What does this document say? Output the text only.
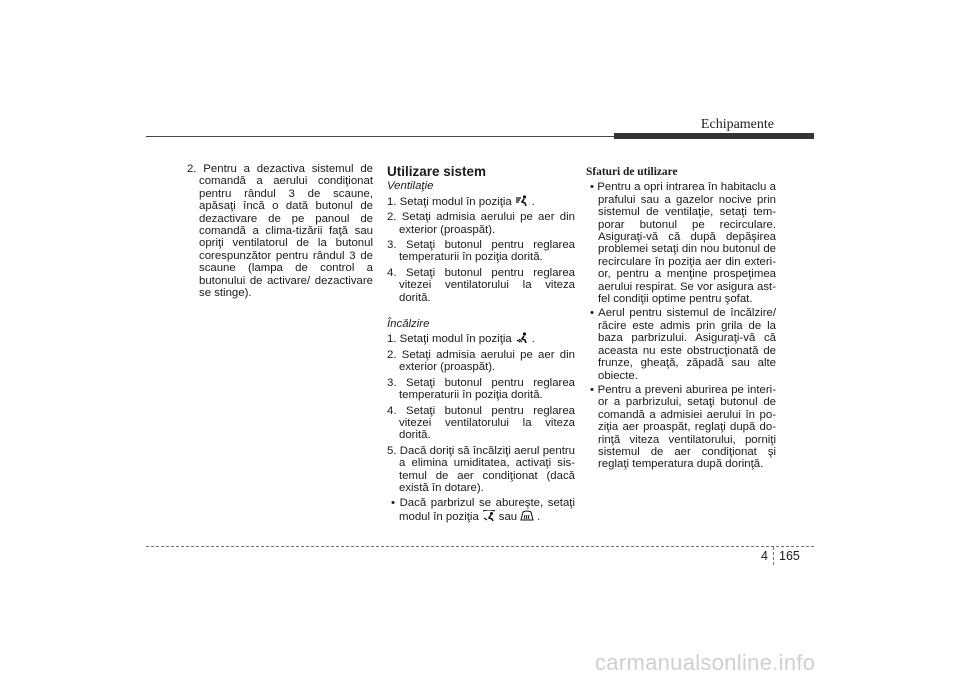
Echipamente

2. Pentru a dezactiva sistemul de comandă a aerului condiţionat pentru rândul 3 de scaune, apăsaţi încă o dată butonul de dezactivare de pe panoul de comandă a clima-tizării faţă sau opriţi ventilatorul de la butonul corespunzător pentru rândul 3 de scaune (lampa de control a butonului de activare/ dezactivare se stinge).

Utilizare sistem
Ventilaţie

1. Setaţi modul în poziţia .

2. Setaţi admisia aerului pe aer din exterior (proaspăt).

3. Setaţi butonul pentru reglarea temperaturii în poziţia dorită.

4. Setaţi butonul pentru reglarea vitezei ventilatorului la viteza dorită.

Încălzire

1. Setaţi modul în poziţia .

2. Setaţi admisia aerului pe aer din exterior (proaspăt).

3. Setaţi butonul pentru reglarea temperaturii în poziţia dorită.

4. Setaţi butonul pentru reglarea vitezei ventilatorului la viteza dorită.

5. Dacă doriţi să încălziţi aerul pentru a elimina umiditatea, activaţi sis-temul de aer condiţionat (dacă există în dotare).

• Dacă parbrizul se abureşte, setaţi modul în poziţia sau .

Sfaturi de utilizare

• Pentru a opri intrarea în habitaclu a prafului sau a gazelor nocive prin sistemul de ventilaţie, setaţi tem-porar butonul pe recirculare. Asiguraţi-vă că după depăşirea problemei setaţi din nou butonul de recirculare în poziţia aer din exteri-or, pentru a menţine prospeţimea aerului respirat. Se vor asigura ast-fel condiţii optime pentru şofat.

• Aerul pentru sistemul de încălzire/ răcire este admis prin grila de la baza parbrizului. Asiguraţi-vă că aceasta nu este obstrucţionată de frunze, gheaţă, zăpadă sau alte obiecte.

• Pentru a preveni aburirea pe interi-or a parbrizului, setaţi butonul de comandă a admisiei aerului în po-ziţia aer proaspăt, reglaţi după do-rinţă viteza ventilatorului, porniţi sistemul de aer condiţionat şi reglaţi temperatura după dorinţă.

4 165
carmanualsonline.info
